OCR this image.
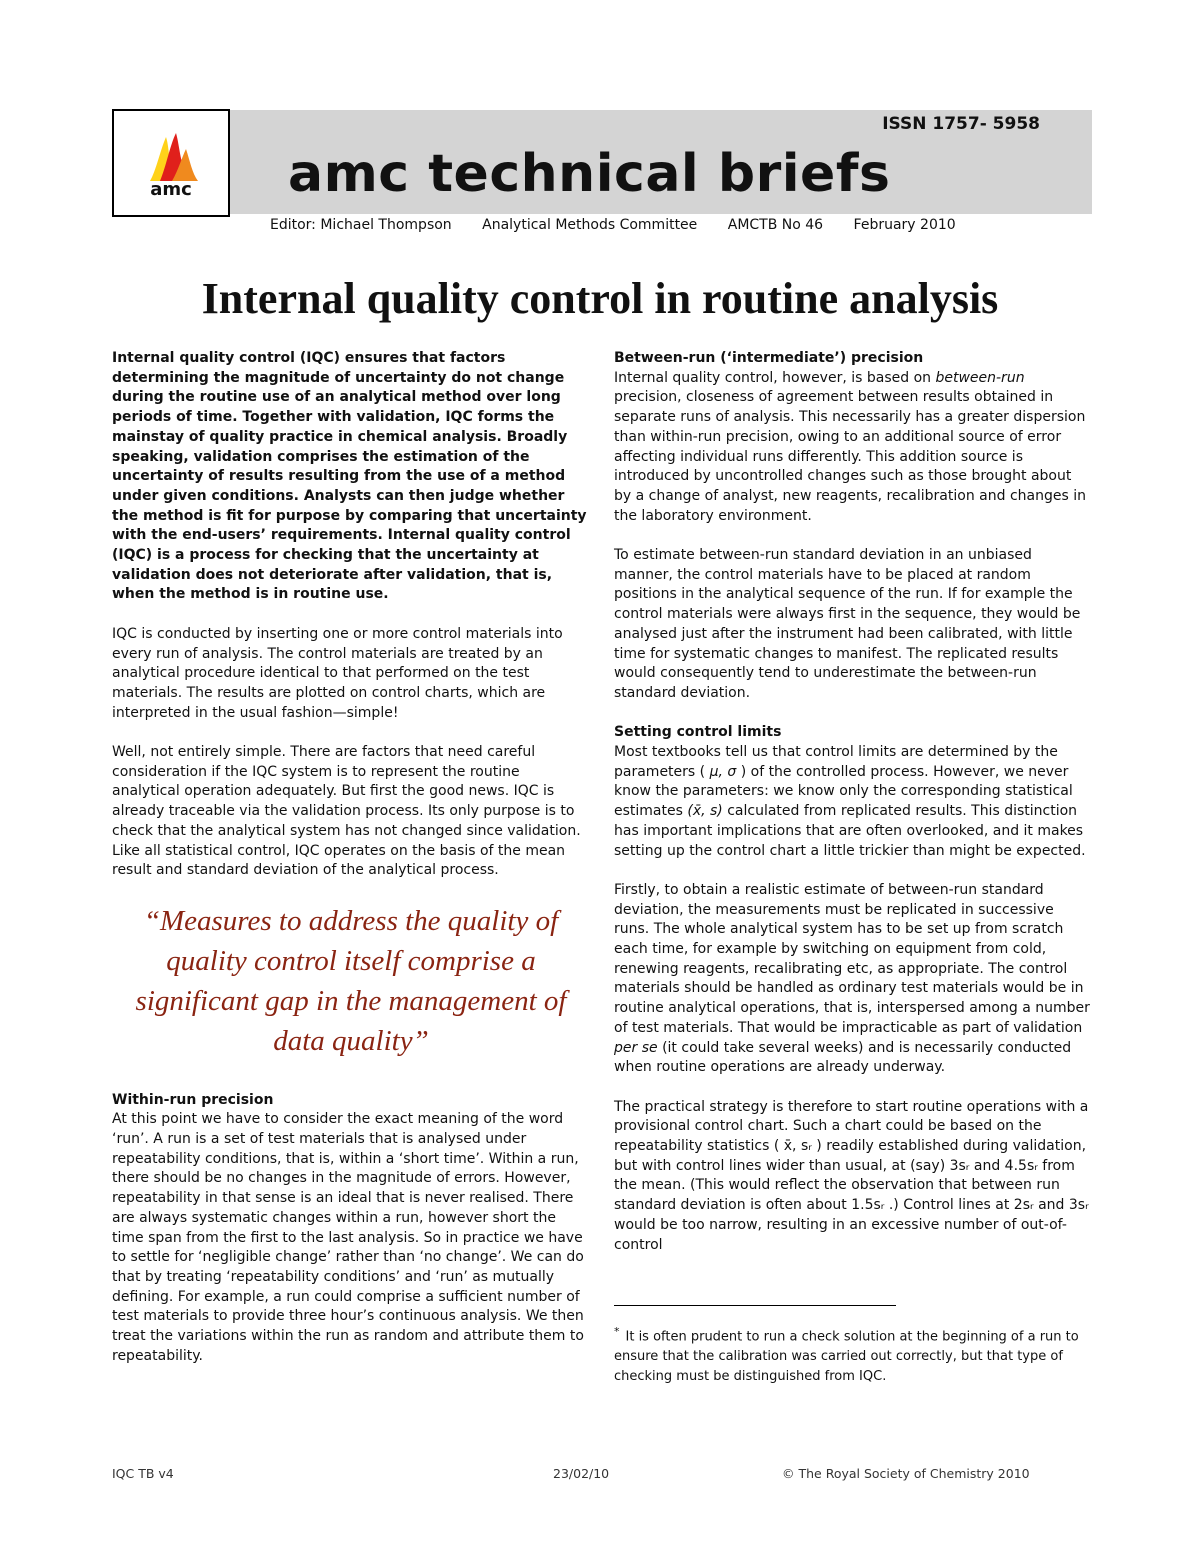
amc
ISSN 1757- 5958
amc technical briefs
Editor: Michael Thompson Analytical Methods Committee AMCTB No 46 February 2010
Internal quality control in routine analysis

Internal quality control (IQC) ensures that factors determining the magnitude of uncertainty do not change during the routine use of an analytical method over long periods of time. Together with validation, IQC forms the mainstay of quality practice in chemical analysis. Broadly speaking, validation comprises the estimation of the uncertainty of results resulting from the use of a method under given conditions. Analysts can then judge whether the method is fit for purpose by comparing that uncertainty with the end-users’ requirements. Internal quality control (IQC) is a process for checking that the uncertainty at validation does not deteriorate after validation, that is, when the method is in routine use.

IQC is conducted by inserting one or more control materials into every run of analysis. The control materials are treated by an analytical procedure identical to that performed on the test materials. The results are plotted on control charts, which are interpreted in the usual fashion—simple!

Well, not entirely simple. There are factors that need careful consideration if the IQC system is to represent the routine analytical operation adequately. But first the good news. IQC is already traceable via the validation process. Its only purpose is to check that the analytical system has not changed since validation. Like all statistical control, IQC operates on the basis of the mean result and standard deviation of the analytical process.

“Measures to address the quality of quality control itself comprise a significant gap in the management of data quality”
Within-run precision

At this point we have to consider the exact meaning of the word ‘run’. A run is a set of test materials that is analysed under repeatability conditions, that is, within a ‘short time’. Within a run, there should be no changes in the magnitude of errors. However, repeatability in that sense is an ideal that is never realised. There are always systematic changes within a run, however short the time span from the first to the last analysis. So in practice we have to settle for ‘negligible change’ rather than ‘no change’. We can do that by treating ‘repeatability conditions’ and ‘run’ as mutually defining. For example, a run could comprise a sufficient number of test materials to provide three hour’s continuous analysis. We then treat the variations within the run as random and attribute them to repeatability.

Between-run (‘intermediate’) precision

Internal quality control, however, is based on between-run precision, closeness of agreement between results obtained in separate runs of analysis. This necessarily has a greater dispersion than within-run precision, owing to an additional source of error affecting individual runs differently. This addition source is introduced by uncontrolled changes such as those brought about by a change of analyst, new reagents, recalibration and changes in the laboratory environment.

To estimate between-run standard deviation in an unbiased manner, the control materials have to be placed at random positions in the analytical sequence of the run. If for example the control materials were always first in the sequence, they would be analysed just after the instrument had been calibrated, with little time for systematic changes to manifest. The replicated results would consequently tend to underestimate the between-run standard deviation.

Setting control limits

Most textbooks tell us that control limits are determined by the parameters ( μ, σ ) of the controlled process. However, we never know the parameters: we know only the corresponding statistical estimates (x̄, s) calculated from replicated results. This distinction has important implications that are often overlooked, and it makes setting up the control chart a little trickier than might be expected.

Firstly, to obtain a realistic estimate of between-run standard deviation, the measurements must be replicated in successive runs. The whole analytical system has to be set up from scratch each time, for example by switching on equipment from cold, renewing reagents, recalibrating etc, as appropriate. The control materials should be handled as ordinary test materials would be in routine analytical operations, that is, interspersed among a number of test materials. That would be impracticable as part of validation per se (it could take several weeks) and is necessarily conducted when routine operations are already underway.

The practical strategy is therefore to start routine operations with a provisional control chart. Such a chart could be based on the repeatability statistics ( x̄, sᵣ ) readily established during validation, but with control lines wider than usual, at (say) 3sᵣ and 4.5sᵣ from the mean. (This would reflect the observation that between run standard deviation is often about 1.5sᵣ .) Control lines at 2sᵣ and 3sᵣ would be too narrow, resulting in an excessive number of out-of-control

* It is often prudent to run a check solution at the beginning of a run to ensure that the calibration was carried out correctly, but that type of checking must be distinguished from IQC.
IQC TB v4	23/02/10	© The Royal Society of Chemistry 2010
